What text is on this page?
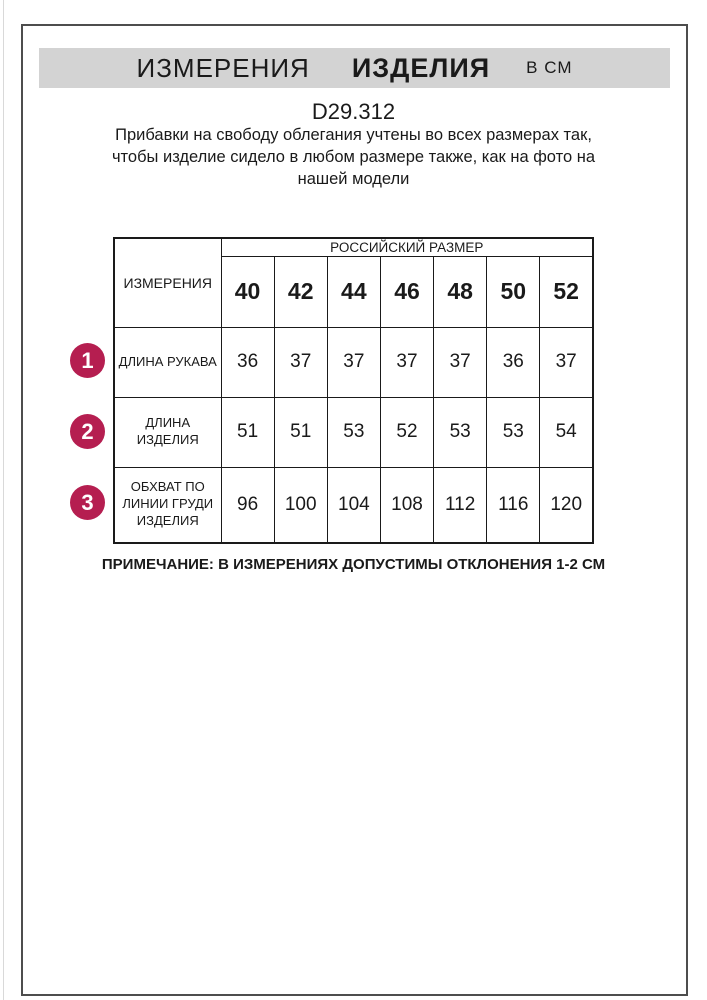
ИЗМЕРЕНИЯ ИЗДЕЛИЯ В СМ
D29.312
Прибавки на свободу облегания учтены во всех размерах так,
чтобы изделие сидело в любом размере также, как на фото на
нашей модели
ИЗМЕРЕНИЯ	РОССИЙСКИЙ РАЗМЕР						
	40	42	44	46	48	50	52
ДЛИНА РУКАВА	36	37	37	37	37	36	37
ДЛИНА ИЗДЕЛИЯ	51	51	53	52	53	53	54
ОБХВАТ ПО ЛИНИИ ГРУДИ ИЗДЕЛИЯ	96	100	104	108	112	116	120
1
2
3
ПРИМЕЧАНИЕ: В ИЗМЕРЕНИЯХ ДОПУСТИМЫ ОТКЛОНЕНИЯ 1-2 СМ
